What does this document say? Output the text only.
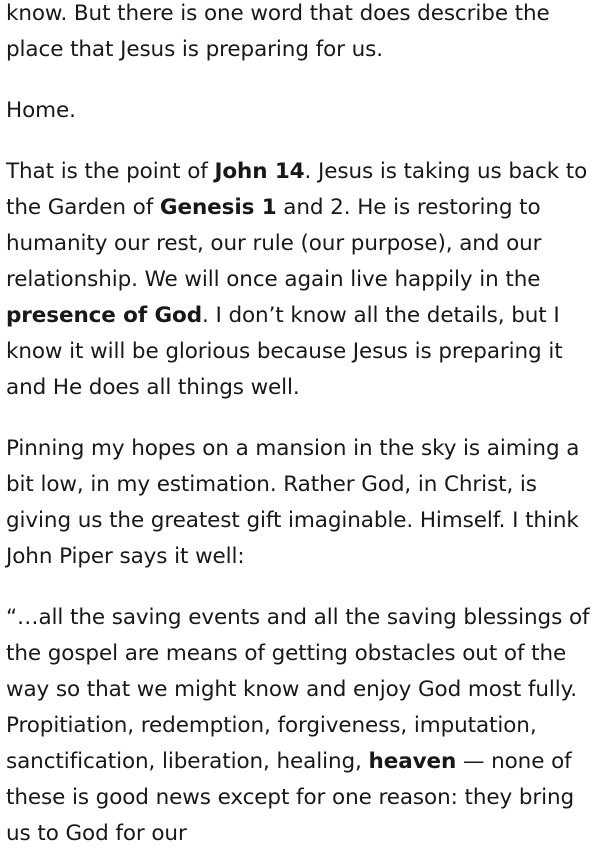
know. But there is one word that does describe the place that Jesus is preparing for us.

Home.

That is the point of John 14. Jesus is taking us back to the Garden of Genesis 1 and 2. He is restoring to humanity our rest, our rule (our purpose), and our relationship. We will once again live happily in the presence of God. I don’t know all the details, but I know it will be glorious because Jesus is preparing it and He does all things well.

Pinning my hopes on a mansion in the sky is aiming a bit low, in my estimation. Rather God, in Christ, is giving us the greatest gift imaginable. Himself. I think John Piper says it well:

“…all the saving events and all the saving blessings of the gospel are means of getting obstacles out of the way so that we might know and enjoy God most fully. Propitiation, redemption, forgiveness, imputation, sanctification, liberation, healing, heaven — none of these is good news except for one reason: they bring us to God for our
